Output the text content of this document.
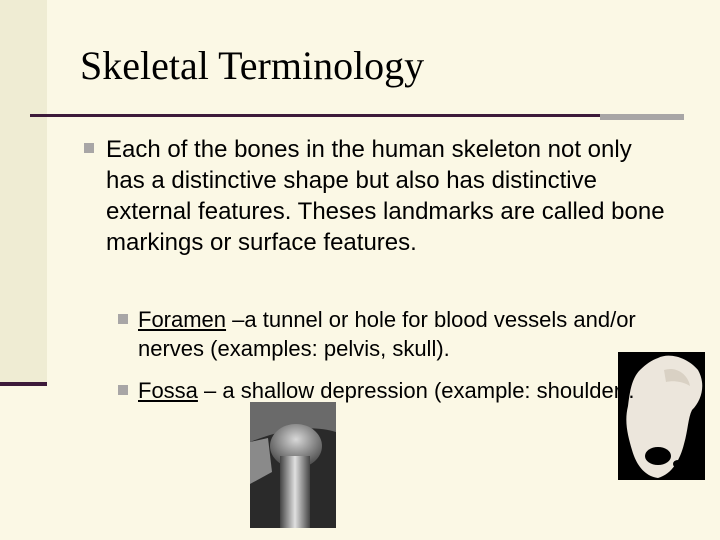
Skeletal Terminology
Each of the bones in the human skeleton not only has a distinctive shape but also has distinctive external features. Theses landmarks are called bone markings or surface features.
Foramen –a tunnel or hole for blood vessels and/or nerves (examples: pelvis, skull).
Fossa – a shallow depression (example: shoulder).
